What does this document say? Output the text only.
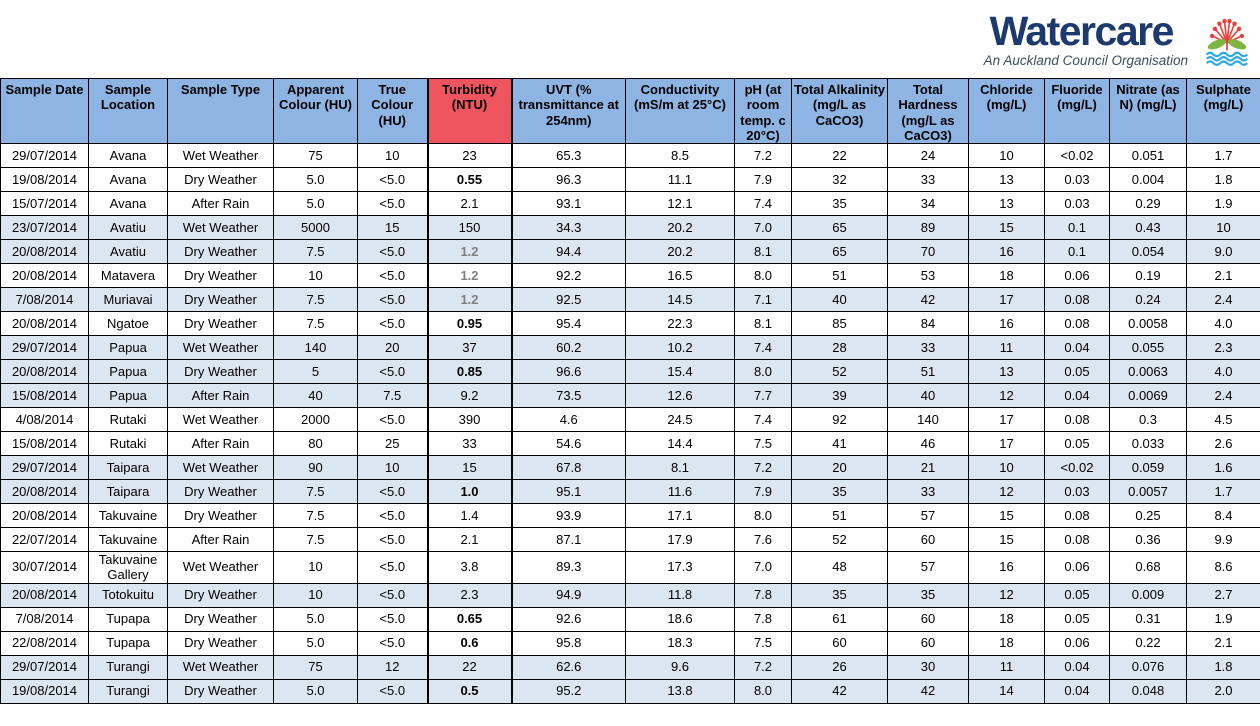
Watercare
An Auckland Council Organisation
Sample Date	Sample Location	Sample Type	Apparent Colour (HU)	True Colour (HU)	Turbidity (NTU)	UVT (% transmittance at 254nm)	Conductivity (mS/m at 25°C)	pH (at room temp. c 20°C)	Total Alkalinity (mg/L as CaCO3)	Total Hardness (mg/L as CaCO3)	Chloride (mg/L)	Fluoride (mg/L)	Nitrate (as N) (mg/L)	Sulphate (mg/L)
29/07/2014	Avana	Wet Weather	75	10	23	65.3	8.5	7.2	22	24	10	<0.02	0.051	1.7
19/08/2014	Avana	Dry Weather	5.0	<5.0	0.55	96.3	11.1	7.9	32	33	13	0.03	0.004	1.8
15/07/2014	Avana	After Rain	5.0	<5.0	2.1	93.1	12.1	7.4	35	34	13	0.03	0.29	1.9
23/07/2014	Avatiu	Wet Weather	5000	15	150	34.3	20.2	7.0	65	89	15	0.1	0.43	10
20/08/2014	Avatiu	Dry Weather	7.5	<5.0	1.2	94.4	20.2	8.1	65	70	16	0.1	0.054	9.0
20/08/2014	Matavera	Dry Weather	10	<5.0	1.2	92.2	16.5	8.0	51	53	18	0.06	0.19	2.1
7/08/2014	Muriavai	Dry Weather	7.5	<5.0	1.2	92.5	14.5	7.1	40	42	17	0.08	0.24	2.4
20/08/2014	Ngatoe	Dry Weather	7.5	<5.0	0.95	95.4	22.3	8.1	85	84	16	0.08	0.0058	4.0
29/07/2014	Papua	Wet Weather	140	20	37	60.2	10.2	7.4	28	33	11	0.04	0.055	2.3
20/08/2014	Papua	Dry Weather	5	<5.0	0.85	96.6	15.4	8.0	52	51	13	0.05	0.0063	4.0
15/08/2014	Papua	After Rain	40	7.5	9.2	73.5	12.6	7.7	39	40	12	0.04	0.0069	2.4
4/08/2014	Rutaki	Wet Weather	2000	<5.0	390	4.6	24.5	7.4	92	140	17	0.08	0.3	4.5
15/08/2014	Rutaki	After Rain	80	25	33	54.6	14.4	7.5	41	46	17	0.05	0.033	2.6
29/07/2014	Taipara	Wet Weather	90	10	15	67.8	8.1	7.2	20	21	10	<0.02	0.059	1.6
20/08/2014	Taipara	Dry Weather	7.5	<5.0	1.0	95.1	11.6	7.9	35	33	12	0.03	0.0057	1.7
20/08/2014	Takuvaine	Dry Weather	7.5	<5.0	1.4	93.9	17.1	8.0	51	57	15	0.08	0.25	8.4
22/07/2014	Takuvaine	After Rain	7.5	<5.0	2.1	87.1	17.9	7.6	52	60	15	0.08	0.36	9.9
30/07/2014	Takuvaine Gallery	Wet Weather	10	<5.0	3.8	89.3	17.3	7.0	48	57	16	0.06	0.68	8.6
20/08/2014	Totokuitu	Dry Weather	10	<5.0	2.3	94.9	11.8	7.8	35	35	12	0.05	0.009	2.7
7/08/2014	Tupapa	Dry Weather	5.0	<5.0	0.65	92.6	18.6	7.8	61	60	18	0.05	0.31	1.9
22/08/2014	Tupapa	Dry Weather	5.0	<5.0	0.6	95.8	18.3	7.5	60	60	18	0.06	0.22	2.1
29/07/2014	Turangi	Wet Weather	75	12	22	62.6	9.6	7.2	26	30	11	0.04	0.076	1.8
19/08/2014	Turangi	Dry Weather	5.0	<5.0	0.5	95.2	13.8	8.0	42	42	14	0.04	0.048	2.0
